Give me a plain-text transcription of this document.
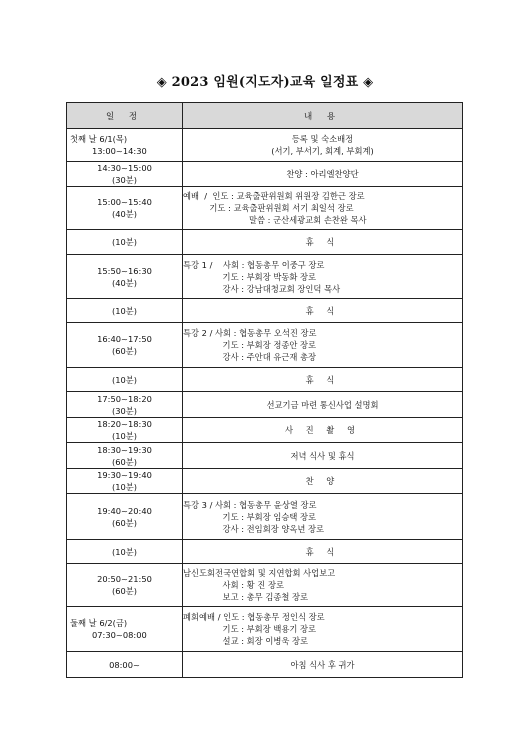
◈ 2023 임원(지도자)교육 일정표 ◈
일 정	내 용

첫째 날 6/1(목)
13:00~14:30	등록 및 숙소배정
(서기, 부서기, 회계, 부회계)

14:30~15:00
(30분)	찬양 : 아리엘찬양단

15:00~15:40
(40분)	예배  /  인도 : 교육출판위원회 위원장 김한근 장로
기도 : 교육출판위원회 서기 최일석 장로
말씀 : 군산세광교회 손찬완 목사

(10분)	휴 식

15:50~16:30
(40분)	특강 1 /    사회 : 협동총무 이중구 장로
기도 : 부회장 박동화 장로
강사 : 강남대청교회 장인덕 목사

(10분)	휴 식

16:40~17:50
(60분)	특강 2 / 사회 : 협동총무 오석진 장로
기도 : 부회장 정종안 장로
강사 : 주안대 유근재 총장

(10분)	휴 식

17:50~18:20
(30분)	선교기금 마련 통신사업 설명회

18:20~18:30
(10분)	사 진 촬 영

18:30~19:30
(60분)	저녁 식사 및 휴식

19:30~19:40
(10분)	찬 양

19:40~20:40
(60분)	특강 3 / 사회 : 협동총무 윤상열 장로
기도 : 부회장 임승택 장로
강사 : 전임회장 양옥년 장로

(10분)	휴 식

20:50~21:50
(60분)	남신도회전국연합회 및 지연합회 사업보고
사회 : 황 진 장로
보고 : 총무 김종철 장로

둘째 날 6/2(금)
07:30~08:00	폐회예배 / 인도 : 협동총무 정인식 장로
기도 : 부회장 백용기 장로
설교 : 회장 이병욱 장로

08:00~	아침 식사 후 귀가
